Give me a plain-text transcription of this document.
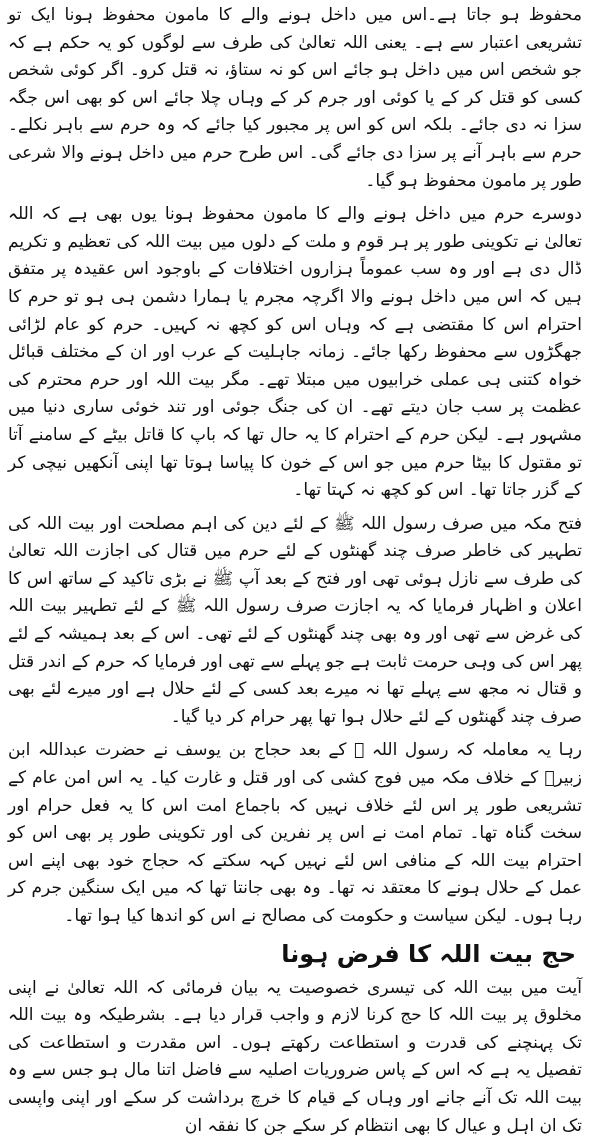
محفوظ ہو جاتا ہے۔اس میں داخل ہونے والے کا مامون محفوظ ہونا ایک تو تشریعی اعتبار سے ہے۔ یعنی اللہ تعالیٰ کی طرف سے لوگوں کو یہ حکم ہے کہ جو شخص اس میں داخل ہو جائے اس کو نہ ستاؤ، نہ قتل کرو۔ اگر کوئی شخص کسی کو قتل کر کے یا کوئی اور جرم کر کے وہاں چلا جائے اس کو بھی اس جگہ سزا نہ دی جائے۔ بلکہ اس کو اس پر مجبور کیا جائے کہ وہ حرم سے باہر نکلے۔ حرم سے باہر آنے پر سزا دی جائے گی۔ اس طرح حرم میں داخل ہونے والا شرعی طور پر مامون محفوظ ہو گیا۔

دوسرے حرم میں داخل ہونے والے کا مامون محفوظ ہونا یوں بھی ہے کہ اللہ تعالیٰ نے تکوینی طور پر ہر قوم و ملت کے دلوں میں بیت اللہ کی تعظیم و تکریم ڈال دی ہے اور وہ سب عموماً ہزاروں اختلافات کے باوجود اس عقیدہ پر متفق ہیں کہ اس میں داخل ہونے والا اگرچہ مجرم یا ہمارا دشمن ہی ہو تو حرم کا احترام اس کا مقتضی ہے کہ وہاں اس کو کچھ نہ کہیں۔ حرم کو عام لڑائی جھگڑوں سے محفوظ رکھا جائے۔ زمانہ جاہلیت کے عرب اور ان کے مختلف قبائل خواہ کتنی ہی عملی خرابیوں میں مبتلا تھے۔ مگر بیت اللہ اور حرم محترم کی عظمت پر سب جان دیتے تھے۔ ان کی جنگ جوئی اور تند خوئی ساری دنیا میں مشہور ہے۔ لیکن حرم کے احترام کا یہ حال تھا کہ باپ کا قاتل بیٹے کے سامنے آتا تو مقتول کا بیٹا حرم میں جو اس کے خون کا پیاسا ہوتا تھا اپنی آنکھیں نیچی کر کے گزر جاتا تھا۔ اس کو کچھ نہ کہتا تھا۔

فتح مکہ میں صرف رسول اللہ ﷺ کے لئے دین کی اہم مصلحت اور بیت اللہ کی تطہیر کی خاطر صرف چند گھنٹوں کے لئے حرم میں قتال کی اجازت اللہ تعالیٰ کی طرف سے نازل ہوئی تھی اور فتح کے بعد آپ ﷺ نے بڑی تاکید کے ساتھ اس کا اعلان و اظہار فرمایا کہ یہ اجازت صرف رسول اللہ ﷺ کے لئے تطہیر بیت اللہ کی غرض سے تھی اور وہ بھی چند گھنٹوں کے لئے تھی۔ اس کے بعد ہمیشہ کے لئے پھر اس کی وہی حرمت ثابت ہے جو پہلے سے تھی اور فرمایا کہ حرم کے اندر قتل و قتال نہ مجھ سے پہلے تھا نہ میرے بعد کسی کے لئے حلال ہے اور میرے لئے بھی صرف چند گھنٹوں کے لئے حلال ہوا تھا پھر حرام کر دیا گیا۔

رہا یہ معاملہ کہ رسول اللہ ﷺ کے بعد حجاج بن یوسف نے حضرت عبداللہ ابن زبیرؓ کے خلاف مکہ میں فوج کشی کی اور قتل و غارت کیا۔ یہ اس امن عام کے تشریعی طور پر اس لئے خلاف نہیں کہ باجماع امت اس کا یہ فعل حرام اور سخت گناہ تھا۔ تمام امت نے اس پر نفرین کی اور تکوینی طور پر بھی اس کو احترام بیت اللہ کے منافی اس لئے نہیں کہہ سکتے کہ حجاج خود بھی اپنے اس عمل کے حلال ہونے کا معتقد نہ تھا۔ وہ بھی جانتا تھا کہ میں ایک سنگین جرم کر رہا ہوں۔ لیکن سیاست و حکومت کی مصالح نے اس کو اندھا کیا ہوا تھا۔

حج بیت اللہ کا فرض ہونا

آیت میں بیت اللہ کی تیسری خصوصیت یہ بیان فرمائی کہ اللہ تعالیٰ نے اپنی مخلوق پر بیت اللہ کا حج کرنا لازم و واجب قرار دیا ہے۔ بشرطیکہ وہ بیت اللہ تک پہنچنے کی قدرت و استطاعت رکھتے ہوں۔ اس مقدرت و استطاعت کی تفصیل یہ ہے کہ اس کے پاس ضروریات اصلیہ سے فاضل اتنا مال ہو جس سے وہ بیت اللہ تک آنے جانے اور وہاں کے قیام کا خرچ برداشت کر سکے اور اپنی واپسی تک ان اہل و عیال کا بھی انتظام کر سکے جن کا نفقہ ان
